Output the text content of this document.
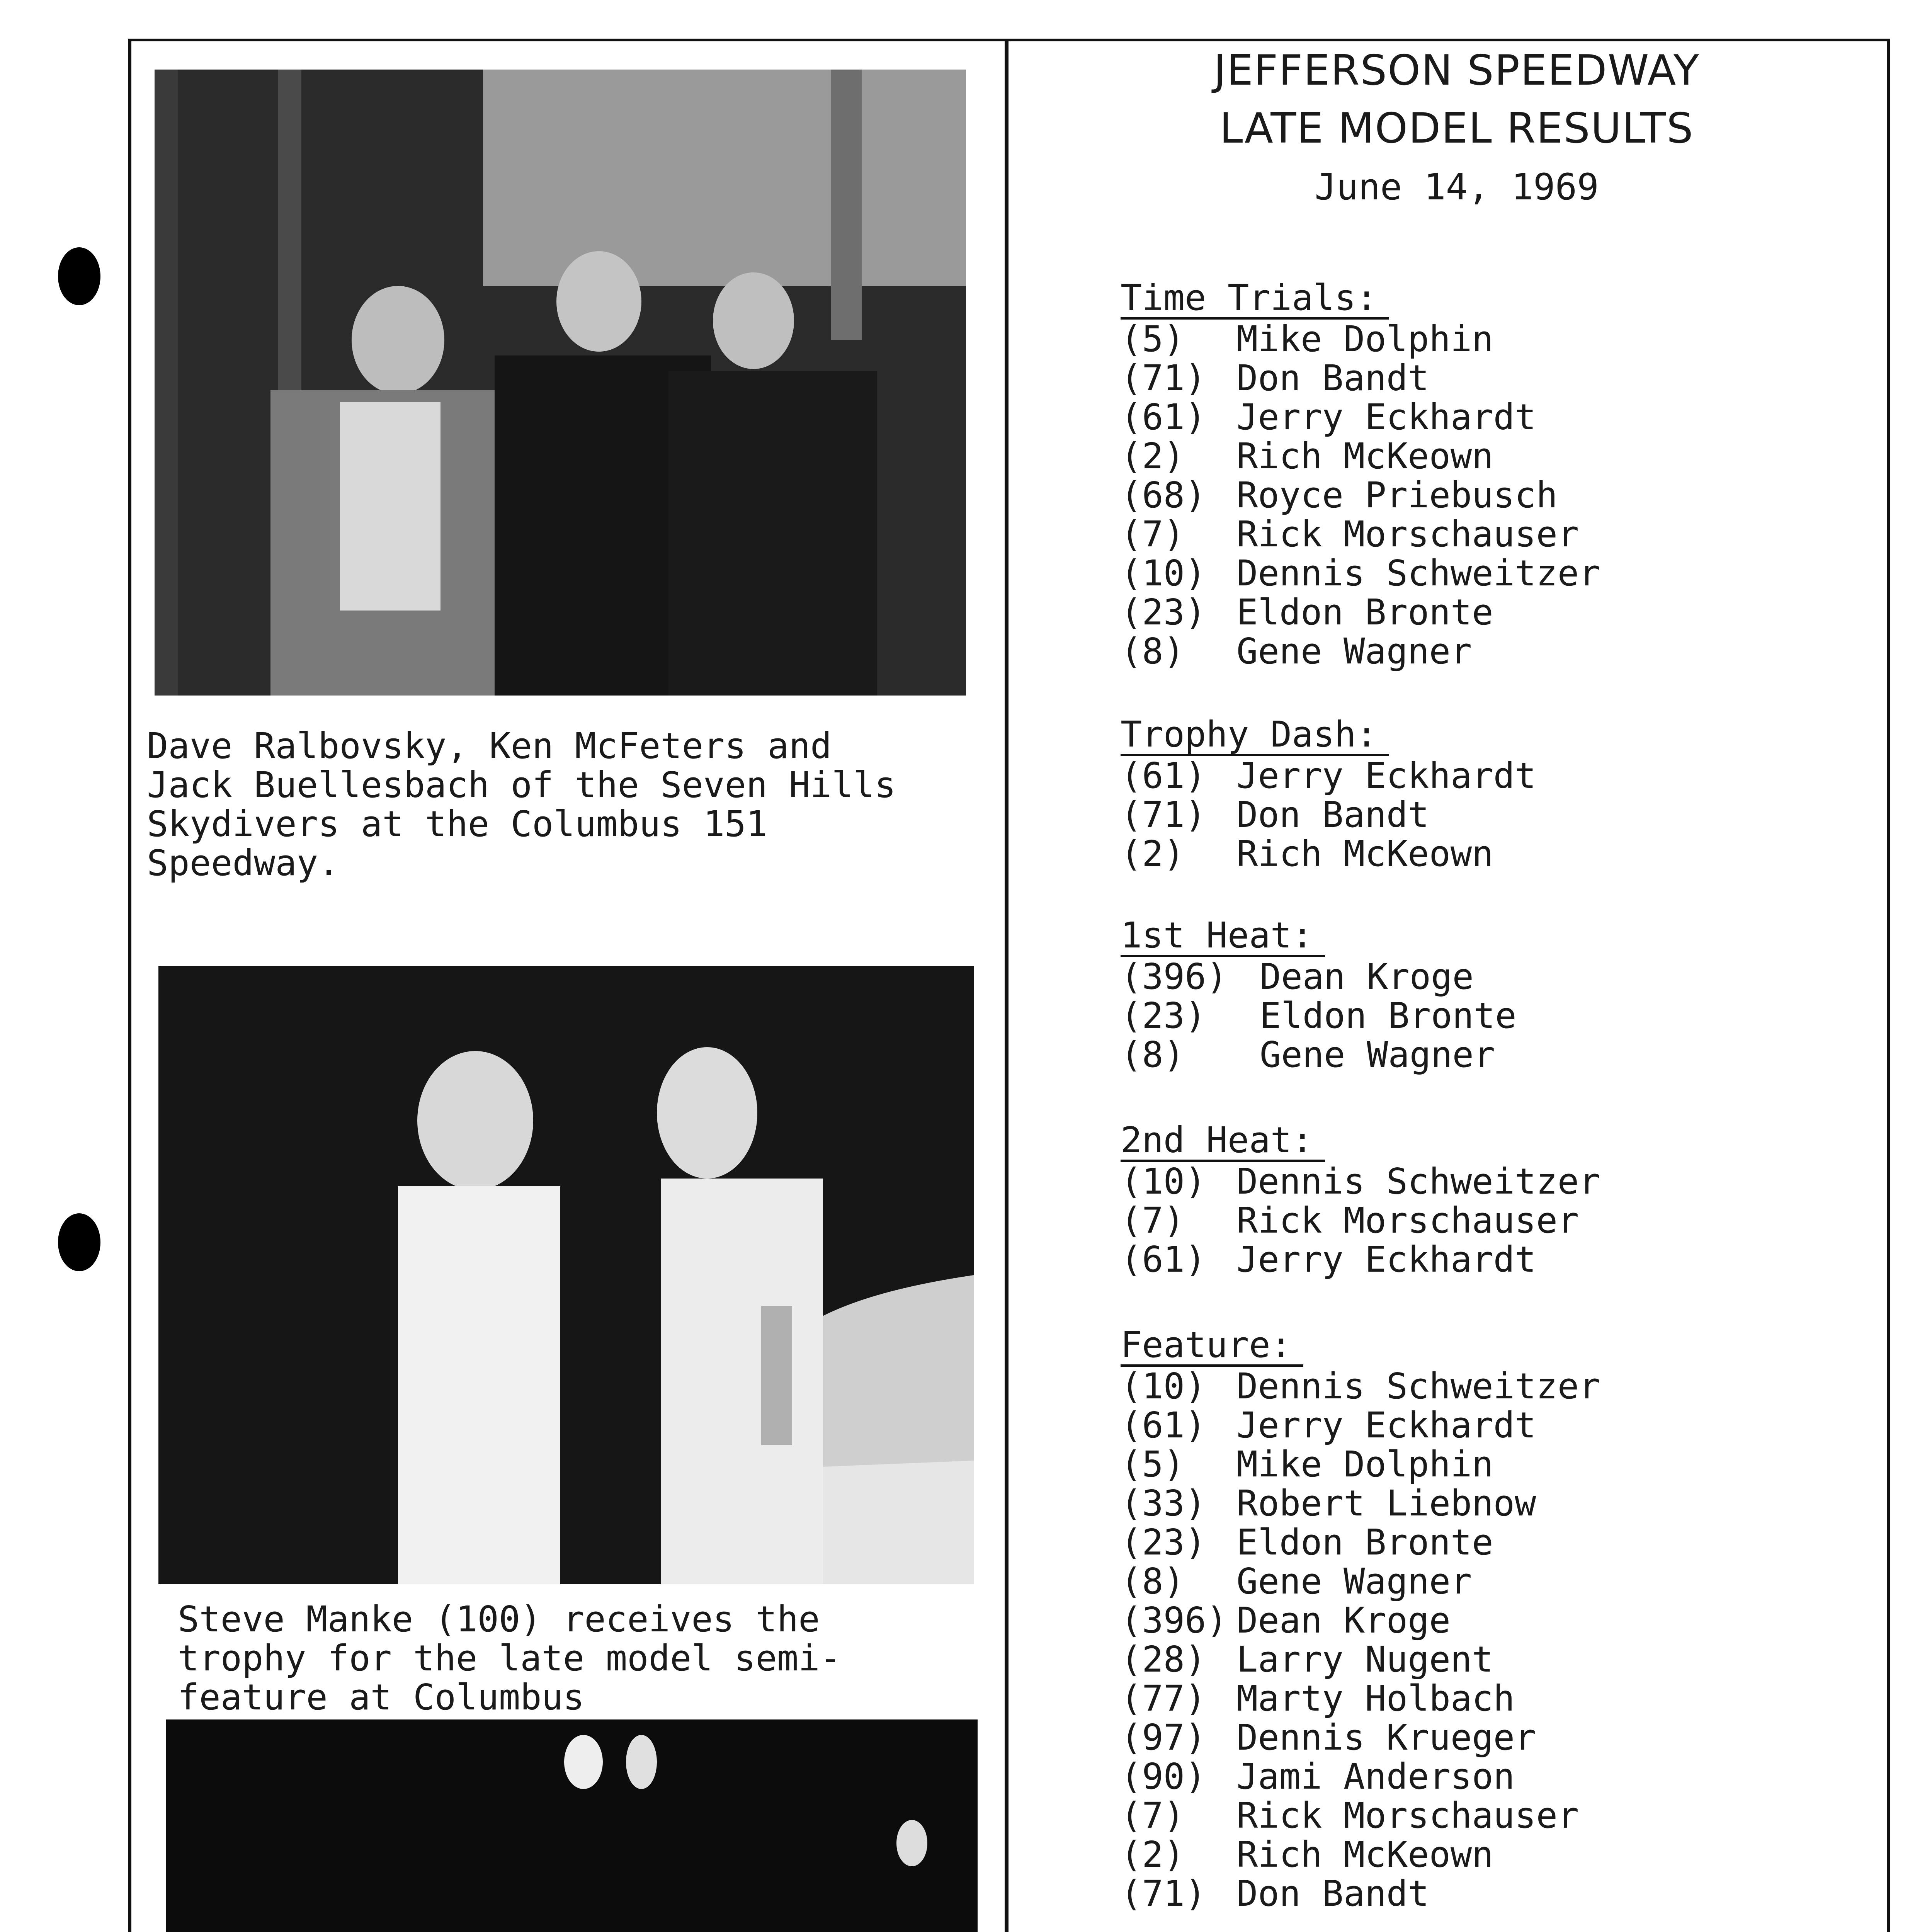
Dave Ralbovsky, Ken McFeters and
Jack Buellesbach of the Seven Hills
Skydivers at the Columbus 151
Speedway.
Steve Manke (100) receives the
trophy for the late model semi-
feature at Columbus
JEFFERSON SPEEDWAY
LATE MODEL RESULTS
June 14, 1969
Time Trials:
(5)	Mike Dolphin
(71) Don Bandt
(61) Jerry Eckhardt
(2)	Rich McKeown
(68) Royce Priebusch
(7)	Rick Morschauser
(10) Dennis Schweitzer
(23) Eldon Bronte
(8)	Gene Wagner
Trophy Dash:
(61) Jerry Eckhardt
(71) Don Bandt
(2)	Rich McKeown
1st Heat:
(396) Dean Kroge
(23)	Eldon Bronte
(8)	Gene Wagner
2nd Heat:
(10) Dennis Schweitzer
(7)	Rick Morschauser
(61) Jerry Eckhardt
Feature:
(10) Dennis Schweitzer
(61) Jerry Eckhardt
(5)	Mike Dolphin
(33) Robert Liebnow
(23) Eldon Bronte
(8)	Gene Wagner
(396) Dean Kroge
(28) Larry Nugent
(77) Marty Holbach
(97) Dennis Krueger
(90) Jami Anderson
(7)	Rick Morschauser
(2)	Rich McKeown
(71) Don Bandt
